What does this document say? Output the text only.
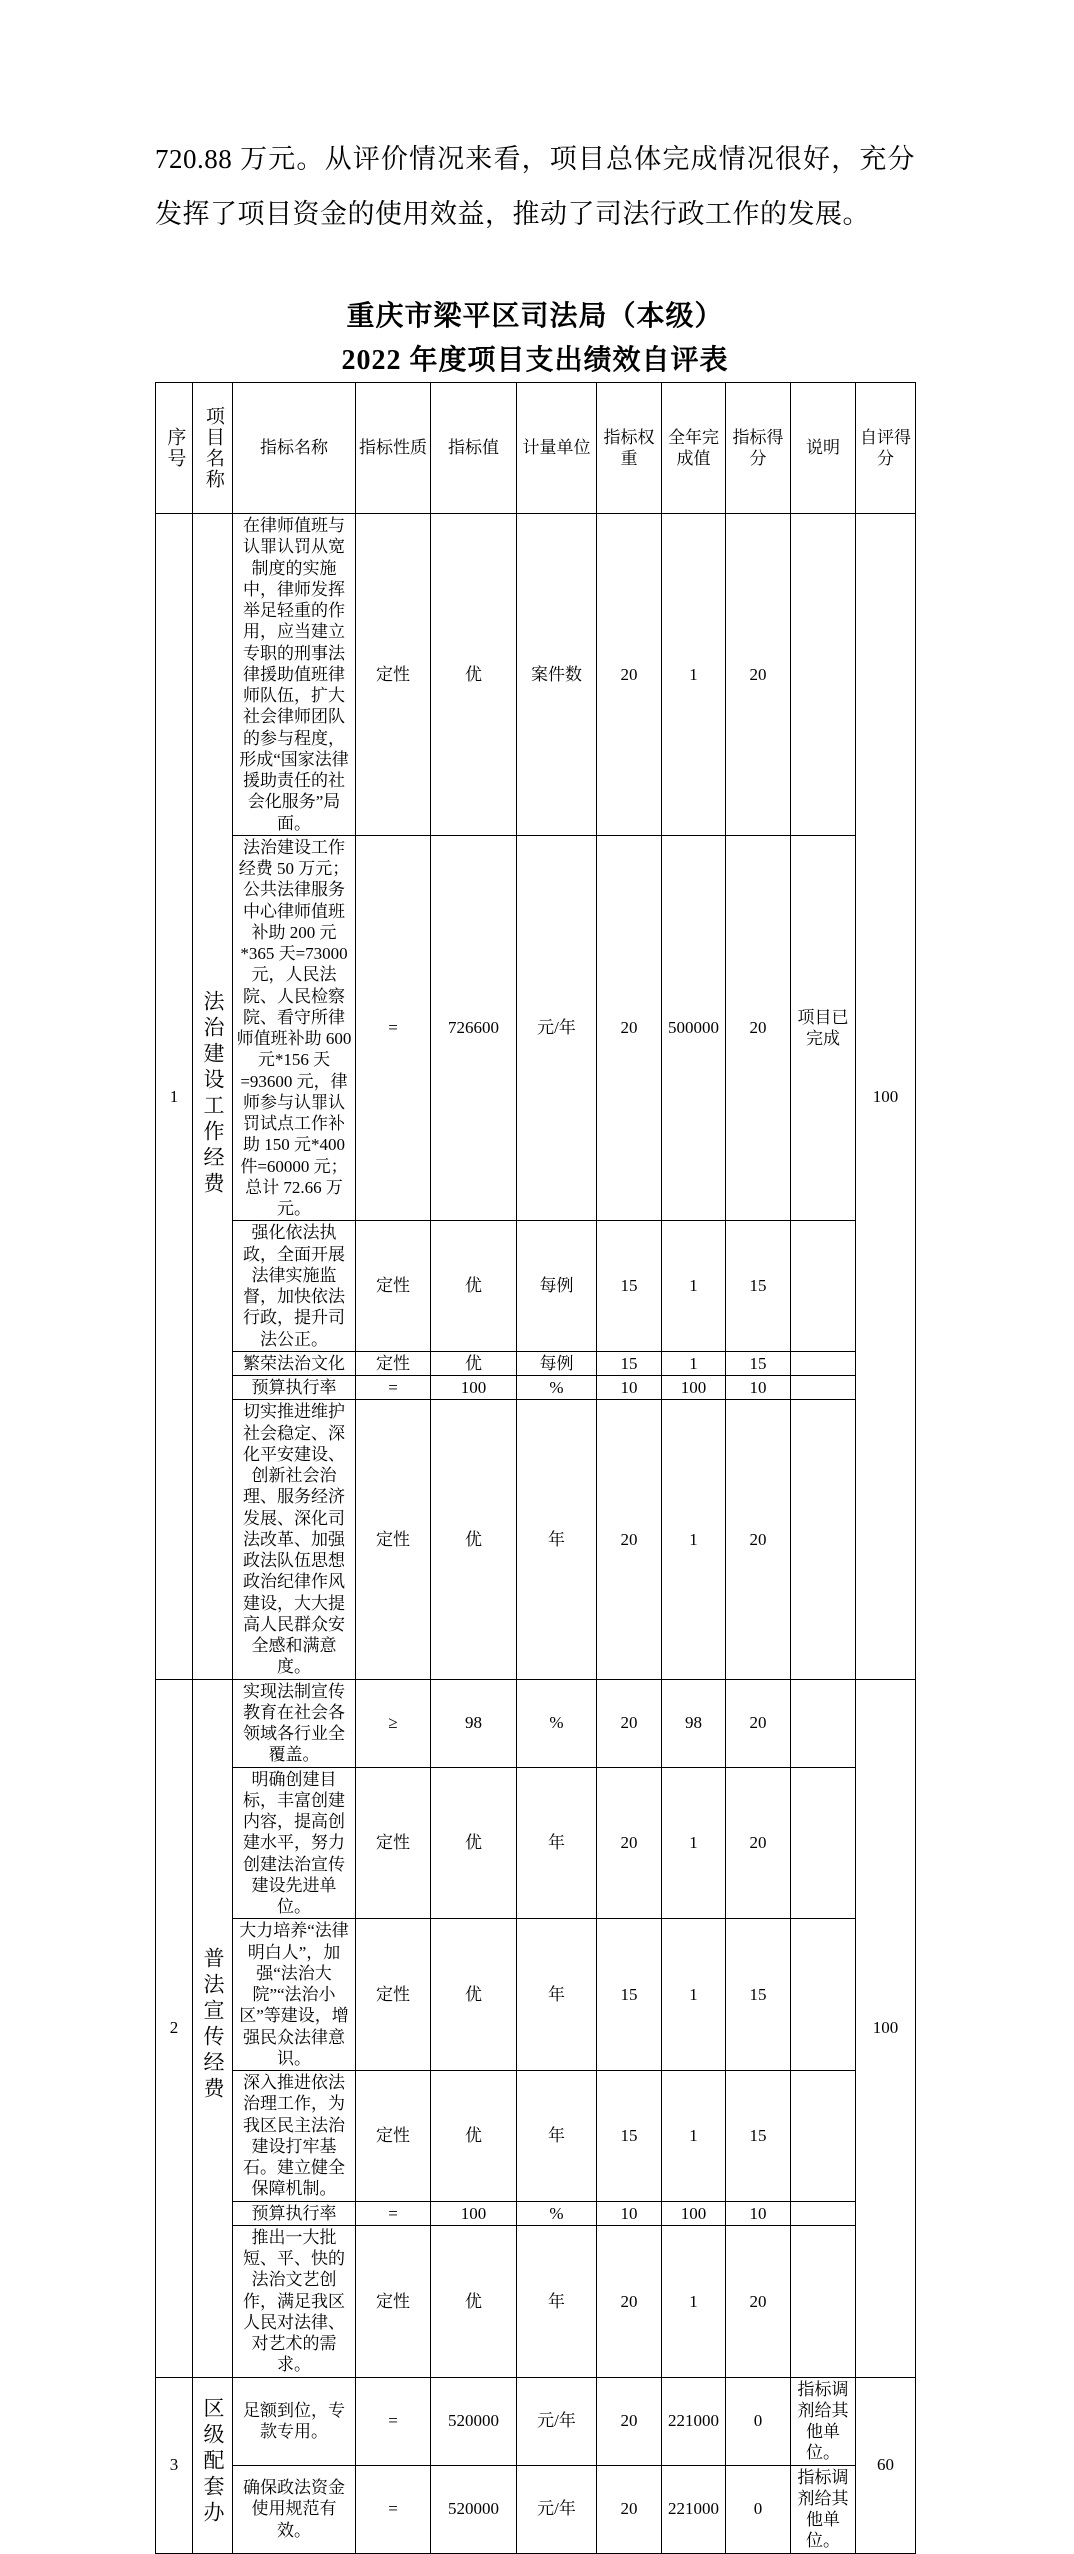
720.88 万元。从评价情况来看，项目总体完成情况很好，充分发挥了项目资金的使用效益，推动了司法行政工作的发展。
重庆市梁平区司法局（本级）
2022 年度项目支出绩效自评表
序号	项目名称	指标名称	指标性质	指标值	计量单位	指标权重	全年完成值	指标得分	说明	自评得分
1	法治建设工作经费	在律师值班与认罪认罚从宽制度的实施中，律师发挥举足轻重的作用，应当建立专职的刑事法律援助值班律师队伍，扩大社会律师团队的参与程度，形成“国家法律援助责任的社会化服务”局面。	定性	优	案件数	20	1	20		100
		法治建设工作经费 50 万元；公共法律服务中心律师值班补助 200 元*365 天=73000 元，人民法院、人民检察院、看守所律师值班补助 600 元*156 天=93600 元，律师参与认罪认罚试点工作补助 150 元*400 件=60000 元；总计 72.66 万元。	=	726600	元/年	20	500000	20	项目已完成	
		强化依法执政，全面开展法律实施监督，加快依法行政，提升司法公正。	定性	优	每例	15	1	15		
		繁荣法治文化	定性	优	每例	15	1	15		
		预算执行率	=	100	%	10	100	10		
		切实推进维护社会稳定、深化平安建设、创新社会治理、服务经济发展、深化司法改革、加强政法队伍思想政治纪律作风建设，大大提高人民群众安全感和满意度。	定性	优	年	20	1	20		
2	普法宣传经费	实现法制宣传教育在社会各领域各行业全覆盖。	≥	98	%	20	98	20		100
		明确创建目标，丰富创建内容，提高创建水平，努力创建法治宣传建设先进单位。	定性	优	年	20	1	20		
		大力培养“法律明白人”，加强“法治大院”“法治小区”等建设，增强民众法律意识。	定性	优	年	15	1	15		
		深入推进依法治理工作，为我区民主法治建设打牢基石。建立健全保障机制。	定性	优	年	15	1	15		
		预算执行率	=	100	%	10	100	10		
		推出一大批短、平、快的法治文艺创作，满足我区人民对法律、对艺术的需求。	定性	优	年	20	1	20		
3	区级配套办	足额到位，专款专用。	=	520000	元/年	20	221000	0	指标调剂给其他单位。	60
		确保政法资金使用规范有效。	=	520000	元/年	20	221000	0	指标调剂给其他单位。	
